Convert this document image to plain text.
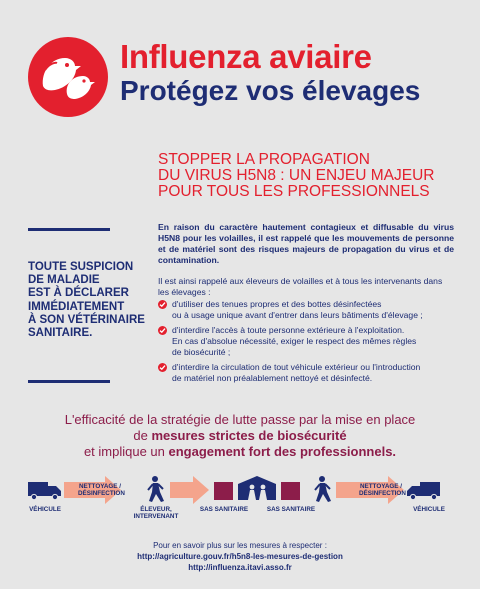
Influenza aviaire
Protégez vos élevages
STOPPER LA PROPAGATION
DU VIRUS H5N8 : UN ENJEU MAJEUR
POUR TOUS LES PROFESSIONNELS
TOUTE SUSPICION
DE MALADIE
EST À DÉCLARER
IMMÉDIATEMENT
À SON VÉTÉRINAIRE
SANITAIRE.
En raison du caractère hautement contagieux et diffusable du virus H5N8 pour les volailles, il est rappelé que les mouvements de personne et de matériel sont des risques majeurs de propagation du virus et de contamination.
Il est ainsi rappelé aux éleveurs de volailles et à tous les intervenants dans les élevages :
d'utiliser des tenues propres et des bottes désinfectées
ou à usage unique avant d'entrer dans leurs bâtiments d'élevage ;
d'interdire l'accès à toute personne extérieure à l'exploitation.
En cas d'absolue nécessité, exiger le respect des mêmes règles
de biosécurité ;
d'interdire la circulation de tout véhicule extérieur ou l'introduction
de matériel non préalablement nettoyé et désinfecté.
L'efficacité de la stratégie de lutte passe par la mise en place
de mesures strictes de biosécurité
et implique un engagement fort des professionnels.
NETTOYAGE /
DÉSINFECTION
NETTOYAGE /
DÉSINFECTION
VÉHICULE	ÉLEVEUR,
INTERVENANT
SAS SANITAIRE	SAS SANITAIRE	VÉHICULE
Pour en savoir plus sur les mesures à respecter :
http://agriculture.gouv.fr/h5n8-les-mesures-de-gestion
http://influenza.itavi.asso.fr
